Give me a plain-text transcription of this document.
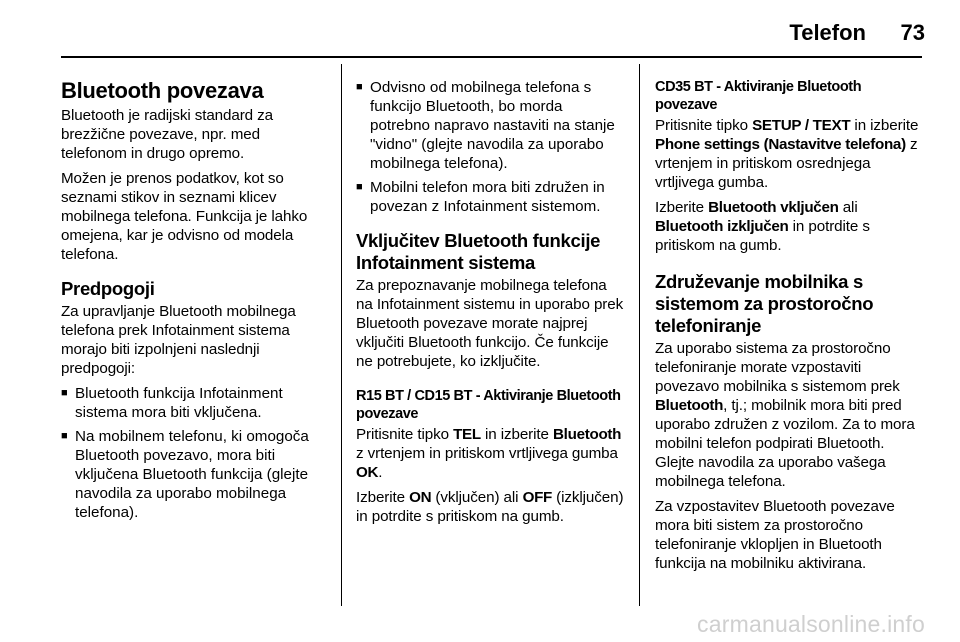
Telefon	73
Bluetooth povezava

Bluetooth je radijski standard za brezžične povezave, npr. med telefonom in drugo opremo.

Možen je prenos podatkov, kot so seznami stikov in seznami klicev mobilnega telefona. Funkcija je lahko omejena, kar je odvisno od modela telefona.

Predpogoji

Za upravljanje Bluetooth mobilnega telefona prek Infotainment sistema morajo biti izpolnjeni naslednji predpogoji:

■ Bluetooth funkcija Infotainment sistema mora biti vključena.
■ Na mobilnem telefonu, ki omogoča Bluetooth povezavo, mora biti vključena Bluetooth funkcija (glejte navodila za uporabo mobilnega telefona).
■ Odvisno od mobilnega telefona s funkcijo Bluetooth, bo morda potrebno napravo nastaviti na stanje "vidno" (glejte navodila za uporabo mobilnega telefona).
■ Mobilni telefon mora biti združen in povezan z Infotainment sistemom.
Vključitev Bluetooth funkcije Infotainment sistema

Za prepoznavanje mobilnega telefona na Infotainment sistemu in uporabo prek Bluetooth povezave morate najprej vključiti Bluetooth funkcijo. Če funkcije ne potrebujete, ko izključite.

R15 BT / CD15 BT - Aktiviranje Bluetooth povezave

Pritisnite tipko TEL in izberite Bluetooth z vrtenjem in pritiskom vrtljivega gumba OK.

Izberite ON (vključen) ali OFF (izključen) in potrdite s pritiskom na gumb.

CD35 BT - Aktiviranje Bluetooth povezave

Pritisnite tipko SETUP / TEXT in izberite Phone settings (Nastavitve telefona) z vrtenjem in pritiskom osrednjega vrtljivega gumba.

Izberite Bluetooth vključen ali Bluetooth izključen in potrdite s pritiskom na gumb.

Združevanje mobilnika s sistemom za prostoročno telefoniranje

Za uporabo sistema za prostoročno telefoniranje morate vzpostaviti povezavo mobilnika s sistemom prek Bluetooth, tj.; mobilnik mora biti pred uporabo združen z vozilom. Za to mora mobilni telefon podpirati Bluetooth. Glejte navodila za uporabo vašega mobilnega telefona.

Za vzpostavitev Bluetooth povezave mora biti sistem za prostoročno telefoniranje vklopljen in Bluetooth funkcija na mobilniku aktivirana.

carmanualsonline.info
